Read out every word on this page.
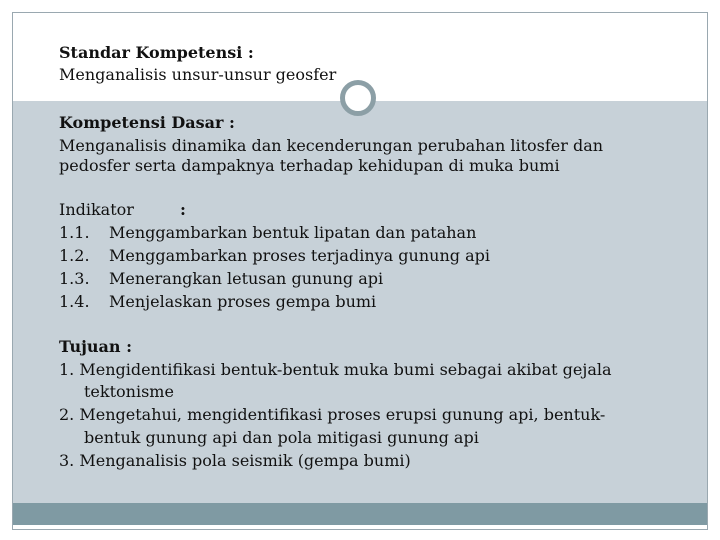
Standar Kompetensi :
Menganalisis unsur-unsur geosfer
Kompetensi Dasar :
Menganalisis dinamika dan kecenderungan perubahan litosfer dan
pedosfer serta dampaknya terhadap kehidupan di muka bumi
Indikator	:
1.1. Menggambarkan bentuk lipatan dan patahan
1.2. Menggambarkan proses terjadinya gunung api
1.3. Menerangkan letusan gunung api
1.4. Menjelaskan proses gempa bumi
Tujuan :
1. Mengidentifikasi bentuk-bentuk muka bumi sebagai akibat gejala
tektonisme
2. Mengetahui, mengidentifikasi proses erupsi gunung api, bentuk-
bentuk gunung api dan pola mitigasi gunung api
3. Menganalisis pola seismik (gempa bumi)
